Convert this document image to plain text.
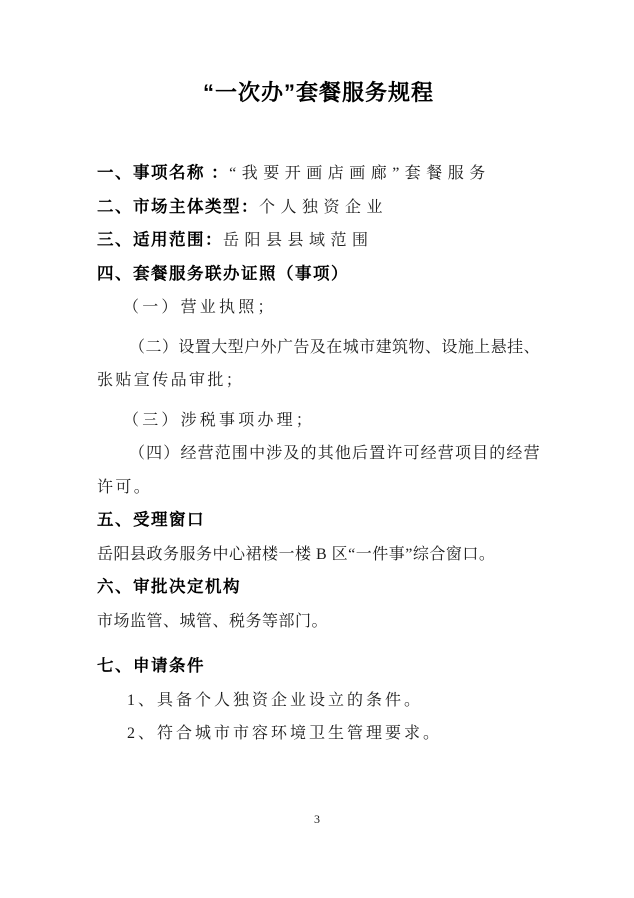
“一次办”套餐服务规程
一、事项名称 ：“我要开画店画廊”套餐服务
二、市场主体类型：个人独资企业
三、适用范围：岳阳县县域范围
四、套餐服务联办证照（事项）
（一）营业执照；
（二）设置大型户外广告及在城市建筑物、设施上悬挂、
张贴宣传品审批；
（三）涉税事项办理；
（四）经营范围中涉及的其他后置许可经营项目的经营
许可。
五、受理窗口
岳阳县政务服务中心裙楼一楼 B 区“一件事”综合窗口。
六、审批决定机构
市场监管、城管、税务等部门。
七、申请条件
1、具备个人独资企业设立的条件。
2、符合城市市容环境卫生管理要求。
3
